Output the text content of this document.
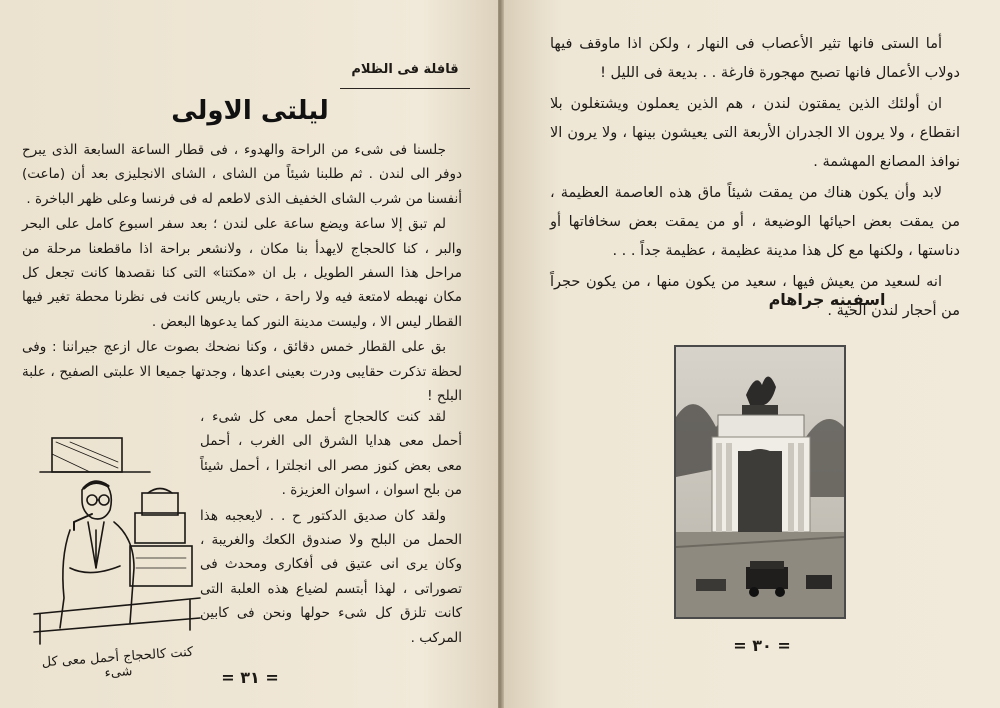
أما الستى فانها تثير الأعصاب فى النهار ، ولكن اذا ماوقف فيها دولاب الأعمال فانها تصبح مهجورة فارغة . . بديعة فى الليل !

ان أولئك الذين يمقتون لندن ، هم الذين يعملون ويشتغلون بلا انقطاع ، ولا يرون الا الجدران الأربعة التى يعيشون بينها ، ولا يرون الا نوافذ المصانع المهشمة .

لابد وأن يكون هناك من يمقت شيئاً ماق هذه العاصمة العظيمة ، من يمقت بعض احيائها الوضيعة ، أو من يمقت بعض سخافاتها أو دناستها ، ولكنها مع كل هذا مدينة عظيمة ، عظيمة جداً . . .

انه لسعيد من يعيش فيها ، سعيد من يكون منها ، من يكون حجراً من أحجار لندن الحية .

اسفينه جراهام
= ٣٠ =
قافلة فى الظلام
ليلتى الاولى

جلسنا فى شىء من الراحة والهدوء ، فى قطار الساعة السابعة الذى يبرح دوفر الى لندن . ثم طلبنا شيئاً من الشاى ، الشاى الانجليزى بعد أن (ماعت) أنفسنا من شرب الشاى الخفيف الذى لاطعم له فى فرنسا وعلى ظهر الباخرة .

لم تبق إلا ساعة ويضع ساعة على لندن ؛ بعد سفر اسبوع كامل على البحر والبر ، كنا كالحجاج لايهدأ بنا مكان ، ولانشعر براحة اذا ماقطعنا مرحلة من مراحل هذا السفر الطويل ، بل ان «مكتنا» التى كنا نقصدها كانت تجعل كل مكان نهبطه لامتعة فيه ولا راحة ، حتى باريس كانت فى نظرنا محطة تغير فيها القطار ليس الا ، وليست مدينة النور كما يدعوها البعض .

بق على القطار خمس دقائق ، وكنا نضحك بصوت عال ازعج جيراننا : وفى لحظة تذكرت حقايبى ودرت بعينى اعدها ، وجدتها جميعا الا علبتى الصفيح ، علبة البلح !

لقد كنت كالحجاج أحمل معى كل شىء ، أحمل معى هدايا الشرق الى الغرب ، أحمل معى بعض كنوز مصر الى انجلترا ، أحمل شيئاً من بلح اسوان ، اسوان العزيزة .

ولقد كان صديق الدكتور ح . . لايعجبه هذا الحمل من البلح ولا صندوق الكعك والغريبة ، وكان يرى انى عتيق فى أفكارى ومحدث فى تصوراتى ، لهذا أبتسم لضياع هذه العلبة التى كانت تلزق كل شىء حولها ونحن فى كابين المركب .

كنت كالحجاج أحمل معى كل شىء	= ٣١ =
